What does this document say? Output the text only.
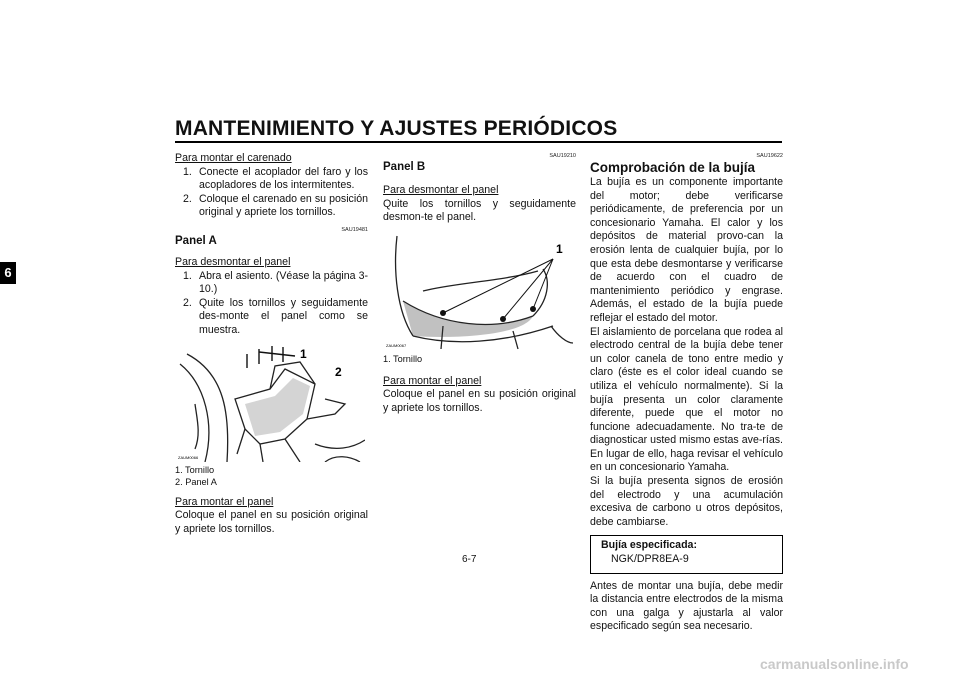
MANTENIMIENTO Y AJUSTES PERIÓDICOS
6

Para montar el carenado

1. Conecte el acoplador del faro y los acopladores de los intermitentes.
2. Coloque el carenado en su posición original y apriete los tornillos.
SAU19481

Panel A

Para desmontar el panel

1. Abra el asiento. (Véase la página 3-10.)
2. Quite los tornillos y seguidamente des-monte el panel como se muestra.
1
2
ZAUM0066

1. Tornillo

2. Panel A

Para montar el panel

Coloque el panel en su posición original y apriete los tornillos.

SAU19210

Panel B

Para desmontar el panel

Quite los tornillos y seguidamente desmon-te el panel.

1
ZAUM0067

1. Tornillo

Para montar el panel

Coloque el panel en su posición original y apriete los tornillos.

SAU19622

Comprobación de la bujía

La bujía es un componente importante del motor; debe verificarse periódicamente, de preferencia por un concesionario Yamaha. El calor y los depósitos de material provo-can la erosión lenta de cualquier bujía, por lo que esta debe desmontarse y verificarse de acuerdo con el cuadro de mantenimiento periódico y engrase. Además, el estado de la bujía puede reflejar el estado del motor.

El aislamiento de porcelana que rodea al electrodo central de la bujía debe tener un color canela de tono entre medio y claro (éste es el color ideal cuando se utiliza el vehículo normalmente). Si la bujía presenta un color claramente diferente, puede que el motor no funcione adecuadamente. No tra-te de diagnosticar usted mismo estas ave-rías. En lugar de ello, haga revisar el vehículo en un concesionario Yamaha.

Si la bujía presenta signos de erosión del electrodo y una acumulación excesiva de carbono u otros depósitos, debe cambiarse.

Bujía especificada:
NGK/DPR8EA-9

Antes de montar una bujía, debe medir la distancia entre electrodos de la misma con una galga y ajustarla al valor especificado según sea necesario.

6-7
carmanualsonline.info
